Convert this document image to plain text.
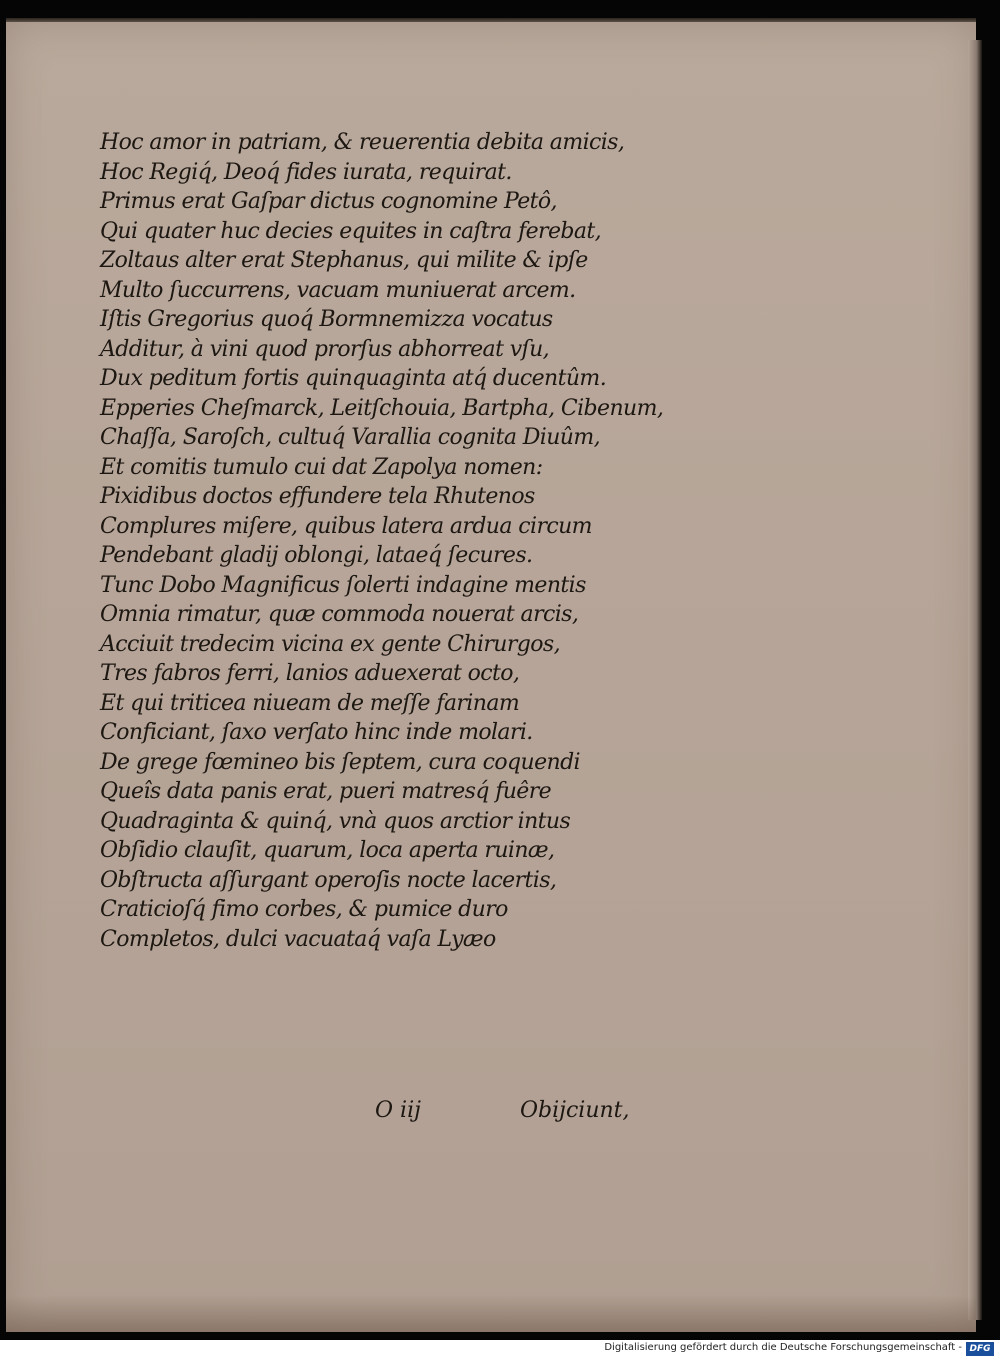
Hoc amor in patriam, & reuerentia debita amicis,
Hoc Regiq́, Deoq́ fides iurata, requirat.
Primus erat Gaſpar dictus cognomine Petô,
Qui quater huc decies equites in caſtra ferebat,
Zoltaus alter erat Stephanus, qui milite & ipſe
Multo ſuccurrens, vacuam muniuerat arcem.
Iſtis Gregorius quoq́ Bormnemizza vocatus
Additur, à vini quod prorſus abhorreat vſu,
Dux peditum fortis quinquaginta atq́ ducentûm.
Epperies Cheſmarck, Leitſchouia, Bartpha, Cibenum,
Chaſſa, Saroſch, cultuq́ Varallia cognita Diuûm,
Et comitis tumulo cui dat Zapolya nomen:
Pixidibus doctos effundere tela Rhutenos
Complures miſere, quibus latera ardua circum
Pendebant gladij oblongi, lataeq́ ſecures.
Tunc Dobo Magnificus ſolerti indagine mentis
Omnia rimatur, quæ commoda nouerat arcis,
Acciuit tredecim vicina ex gente Chirurgos,
Tres fabros ferri, lanios aduexerat octo,
Et qui triticea niueam de meſſe farinam
Conficiant, ſaxo verſato hinc inde molari.
De grege fœmineo bis ſeptem, cura coquendi
Queîs data panis erat, pueri matresq́ fuêre
Quadraginta & quinq́, vnà quos arctior intus
Obſidio clauſit, quarum, loca aperta ruinæ,
Obſtructa aſſurgant operoſis nocte lacertis,
Craticioſq́ fimo corbes, & pumice duro
Completos, dulci vacuataq́ vaſa Lyæo
O iij	Obijciunt,
Digitalisierung gefördert durch die Deutsche Forschungsgemeinschaft - DFG
